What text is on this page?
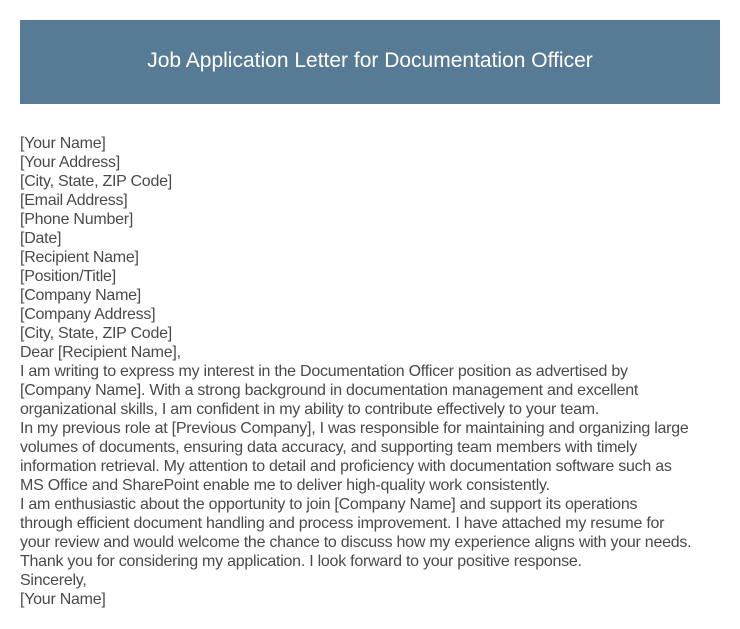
Job Application Letter for Documentation Officer
[Your Name]
[Your Address]
[City, State, ZIP Code]
[Email Address]
[Phone Number]
[Date]
[Recipient Name]
[Position/Title]
[Company Name]
[Company Address]
[City, State, ZIP Code]
Dear [Recipient Name],
I am writing to express my interest in the Documentation Officer position as advertised by
[Company Name]. With a strong background in documentation management and excellent
organizational skills, I am confident in my ability to contribute effectively to your team.
In my previous role at [Previous Company], I was responsible for maintaining and organizing large
volumes of documents, ensuring data accuracy, and supporting team members with timely
information retrieval. My attention to detail and proficiency with documentation software such as
MS Office and SharePoint enable me to deliver high-quality work consistently.
I am enthusiastic about the opportunity to join [Company Name] and support its operations
through efficient document handling and process improvement. I have attached my resume for
your review and would welcome the chance to discuss how my experience aligns with your needs.
Thank you for considering my application. I look forward to your positive response.
Sincerely,
[Your Name]
